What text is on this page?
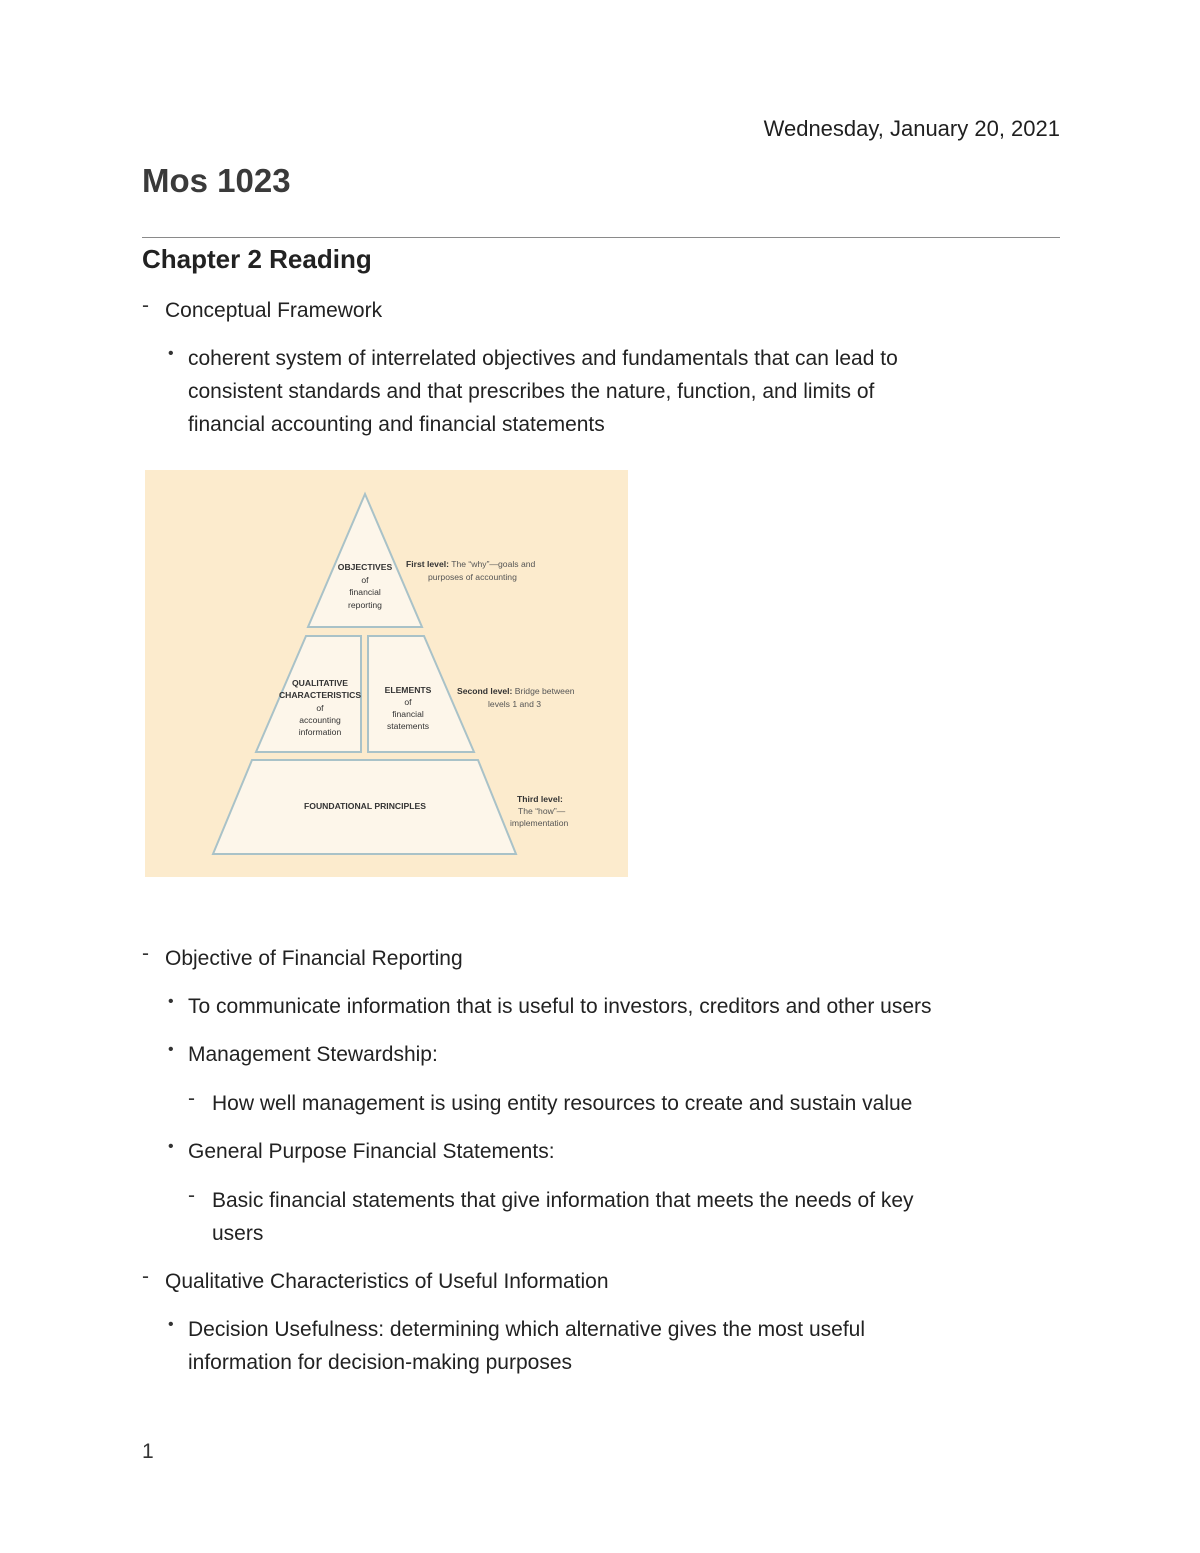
Wednesday, January 20, 2021
Mos 1023
Chapter 2 Reading
- Conceptual Framework
• coherent system of interrelated objectives and fundamentals that can lead to
consistent standards and that prescribes the nature, function, and limits of
financial accounting and financial statements
OBJECTIVES
of
financial
reporting
QUALITATIVE
CHARACTERISTICS
of
accounting
information
ELEMENTS
of
financial
statements
FOUNDATIONAL PRINCIPLES
First level: The “why”—goals and
purposes of accounting
Second level: Bridge between
levels 1 and 3
Third level:
The “how”—
implementation
- Objective of Financial Reporting
• To communicate information that is useful to investors, creditors and other users
• Management Stewardship:
- How well management is using entity resources to create and sustain value
• General Purpose Financial Statements:
- Basic financial statements that give information that meets the needs of key
users
- Qualitative Characteristics of Useful Information
• Decision Usefulness: determining which alternative gives the most useful
information for decision-making purposes
1
